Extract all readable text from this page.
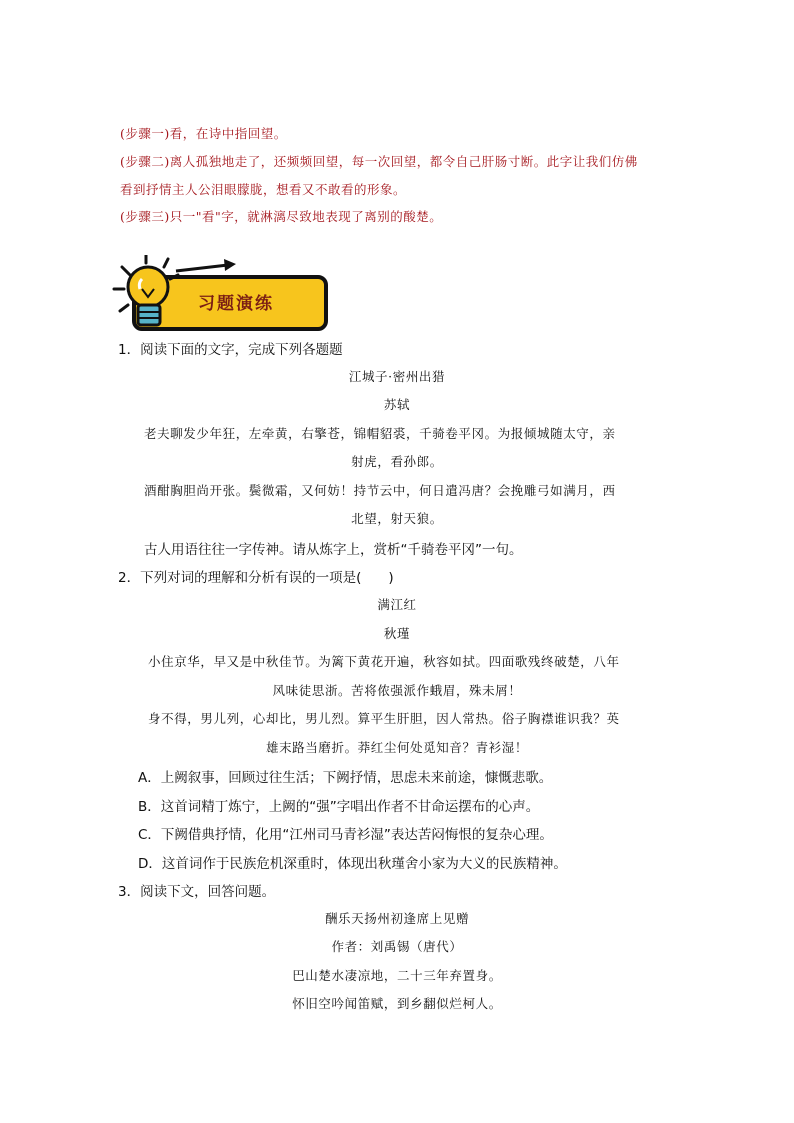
(步骤一)看，在诗中指回望。
(步骤二)离人孤独地走了，还频频回望，每一次回望，都令自己肝肠寸断。此字让我们仿佛
看到抒情主人公泪眼朦胧，想看又不敢看的形象。
(步骤三)只一"看"字，就淋漓尽致地表现了离别的酸楚。
习题演练
1．阅读下面的文字，完成下列各题题
江城子·密州出猎
苏轼
老夫聊发少年狂，左牵黄，右擎苍，锦帽貂裘，千骑卷平冈。为报倾城随太守，亲
射虎，看孙郎。
酒酣胸胆尚开张。鬓微霜，又何妨！持节云中，何日遣冯唐？会挽雕弓如满月，西
北望，射天狼。
古人用语往往一字传神。请从炼字上，赏析“千骑卷平冈”一句。
2．下列对词的理解和分析有误的一项是(　　)
满江红
秋瑾
小住京华，早又是中秋佳节。为篱下黄花开遍，秋容如拭。四面歌残终破楚，八年
风味徒思浙。苦将侬强派作蛾眉，殊未屑！
身不得，男儿列，心却比，男儿烈。算平生肝胆，因人常热。俗子胸襟谁识我？英
雄末路当磨折。莽红尘何处觅知音？青衫湿！
A．上阙叙事，回顾过往生活；下阙抒情，思虑未来前途，慷慨悲歌。
B．这首词精丁炼宁，上阙的“强”字唱出作者不甘命运摆布的心声。
C．下阙借典抒情，化用“江州司马青衫湿”表达苦闷悔恨的复杂心理。
D．这首词作于民族危机深重时，体现出秋瑾舍小家为大义的民族精神。
3．阅读下文，回答问题。
酬乐天扬州初逢席上见赠
作者：刘禹锡（唐代）
巴山楚水凄凉地，二十三年弃置身。
怀旧空吟闻笛赋，到乡翻似烂柯人。
